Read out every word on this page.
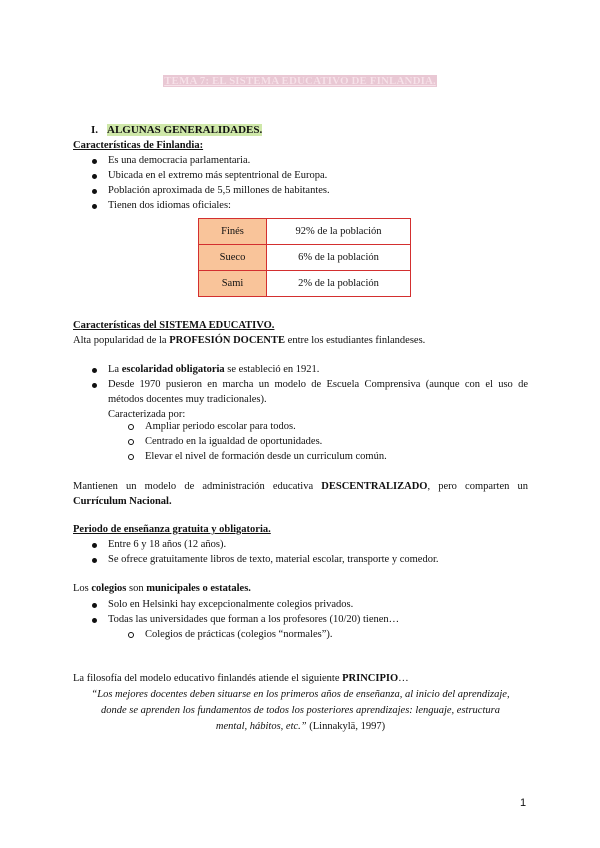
TEMA 7: EL SISTEMA EDUCATIVO DE FINLANDIA.
I. ALGUNAS GENERALIDADES.
Características de Finlandia:
Es una democracia parlamentaria.
Ubicada en el extremo más septentrional de Europa.
Población aproximada de 5,5 millones de habitantes.
Tienen dos idiomas oficiales:
Finés	92% de la población
Sueco	6% de la población
Sami	2% de la población
Características del SISTEMA EDUCATIVO.
Alta popularidad de la PROFESIÓN DOCENTE entre los estudiantes finlandeses.
La escolaridad obligatoria se estableció en 1921.
Desde 1970 pusieron en marcha un modelo de Escuela Comprensiva (aunque con el uso de
métodos docentes muy tradicionales).
Caracterizada por:
Ampliar periodo escolar para todos.
Centrado en la igualdad de oportunidades.
Elevar el nivel de formación desde un curriculum común.
Mantienen un modelo de administración educativa DESCENTRALIZADO, pero comparten un
Currículum Nacional.
Periodo de enseñanza gratuita y obligatoria.
Entre 6 y 18 años (12 años).
Se ofrece gratuitamente libros de texto, material escolar, transporte y comedor.
Los colegios son municipales o estatales.
Solo en Helsinki hay excepcionalmente colegios privados.
Todas las universidades que forman a los profesores (10/20) tienen…
Colegios de prácticas (colegios “normales”).
La filosofía del modelo educativo finlandés atiende el siguiente PRINCIPIO…
“Los mejores docentes deben situarse en los primeros años de enseñanza, al inicio del aprendizaje,
donde se aprenden los fundamentos de todos los posteriores aprendizajes: lenguaje, estructura
mental, hábitos, etc.” (Linnakylä, 1997)
1
